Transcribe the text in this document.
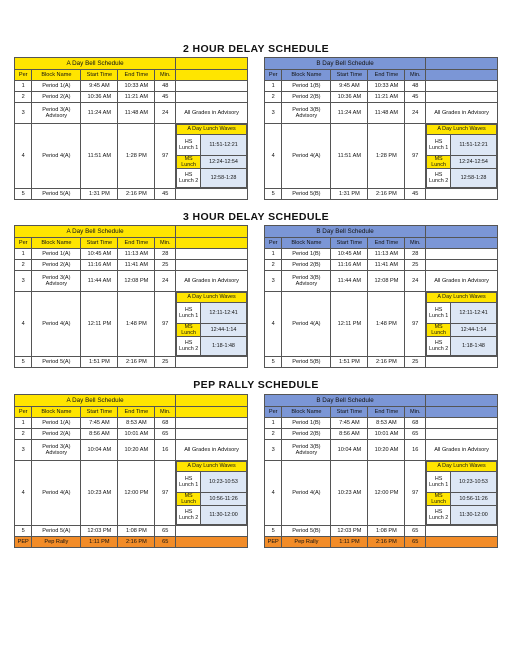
2 HOUR DELAY SCHEDULE
A Day Bell Schedule	
Per	Block Name	Start Time	End Time	Min.	
1	Period 1(A)	9:45 AM	10:33 AM	48	
2	Period 2(A)	10:36 AM	11:21 AM	45	
3	Period 3(A) Advisory	11:24 AM	11:48 AM	24	All Grades in Advisory
4	Period 4(A)	11:51 AM	1:28 PM	97	
A Day Lunch Waves
HS Lunch 1	11:51-12:21
MS Lunch	12:24-12:54
HS Lunch 2	12:58-1:28

5	Period 5(A)	1:31 PM	2:16 PM	45	
B Day Bell Schedule	
Per	Block Name	Start Time	End Time	Min.	
1	Period 1(B)	9:45 AM	10:33 AM	48	
2	Period 2(B)	10:36 AM	11:21 AM	45	
3	Period 3(B) Advisory	11:24 AM	11:48 AM	24	All Grades in Advisory
4	Period 4(A)	11:51 AM	1:28 PM	97	
A Day Lunch Waves
HS Lunch 1	11:51-12:21
MS Lunch	12:24-12:54
HS Lunch 2	12:58-1:28

5	Period 5(B)	1:31 PM	2:16 PM	45	
3 HOUR DELAY SCHEDULE
A Day Bell Schedule	
Per	Block Name	Start Time	End Time	Min.	
1	Period 1(A)	10:45 AM	11:13 AM	28	
2	Period 2(A)	11:16 AM	11:41 AM	25	
3	Period 3(A) Advisory	11:44 AM	12:08 PM	24	All Grades in Advisory
4	Period 4(A)	12:11 PM	1:48 PM	97	
A Day Lunch Waves
HS Lunch 1	12:11-12:41
MS Lunch	12:44-1:14
HS Lunch 2	1:18-1:48

5	Period 5(A)	1:51 PM	2:16 PM	25	
B Day Bell Schedule	
Per	Block Name	Start Time	End Time	Min.	
1	Period 1(B)	10:45 AM	11:13 AM	28	
2	Period 2(B)	11:16 AM	11:41 AM	25	
3	Period 3(B) Advisory	11:44 AM	12:08 PM	24	All Grades in Advisory
4	Period 4(A)	12:11 PM	1:48 PM	97	
A Day Lunch Waves
HS Lunch 1	12:11-12:41
MS Lunch	12:44-1:14
HS Lunch 2	1:18-1:48

5	Period 5(B)	1:51 PM	2:16 PM	25	
PEP RALLY SCHEDULE
A Day Bell Schedule	
Per	Block Name	Start Time	End Time	Min.	
1	Period 1(A)	7:45 AM	8:53 AM	68	
2	Period 2(A)	8:56 AM	10:01 AM	65	
3	Period 3(A) Advisory	10:04 AM	10:20 AM	16	All Grades in Advisory
4	Period 4(A)	10:23 AM	12:00 PM	97	
A Day Lunch Waves
HS Lunch 1	10:23-10:53
MS Lunch	10:56-11:26
HS Lunch 2	11:30-12:00

5	Period 5(A)	12:03 PM	1:08 PM	65	
PEP	Pep Rally	1:11 PM	2:16 PM	65	
B Day Bell Schedule	
Per	Block Name	Start Time	End Time	Min.	
1	Period 1(B)	7:45 AM	8:53 AM	68	
2	Period 2(B)	8:56 AM	10:01 AM	65	
3	Period 3(B) Advisory	10:04 AM	10:20 AM	16	All Grades in Advisory
4	Period 4(A)	10:23 AM	12:00 PM	97	
A Day Lunch Waves
HS Lunch 1	10:23-10:53
MS Lunch	10:56-11:26
HS Lunch 2	11:30-12:00

5	Period 5(B)	12:03 PM	1:08 PM	65	
PEP	Pep Rally	1:11 PM	2:16 PM	65	
